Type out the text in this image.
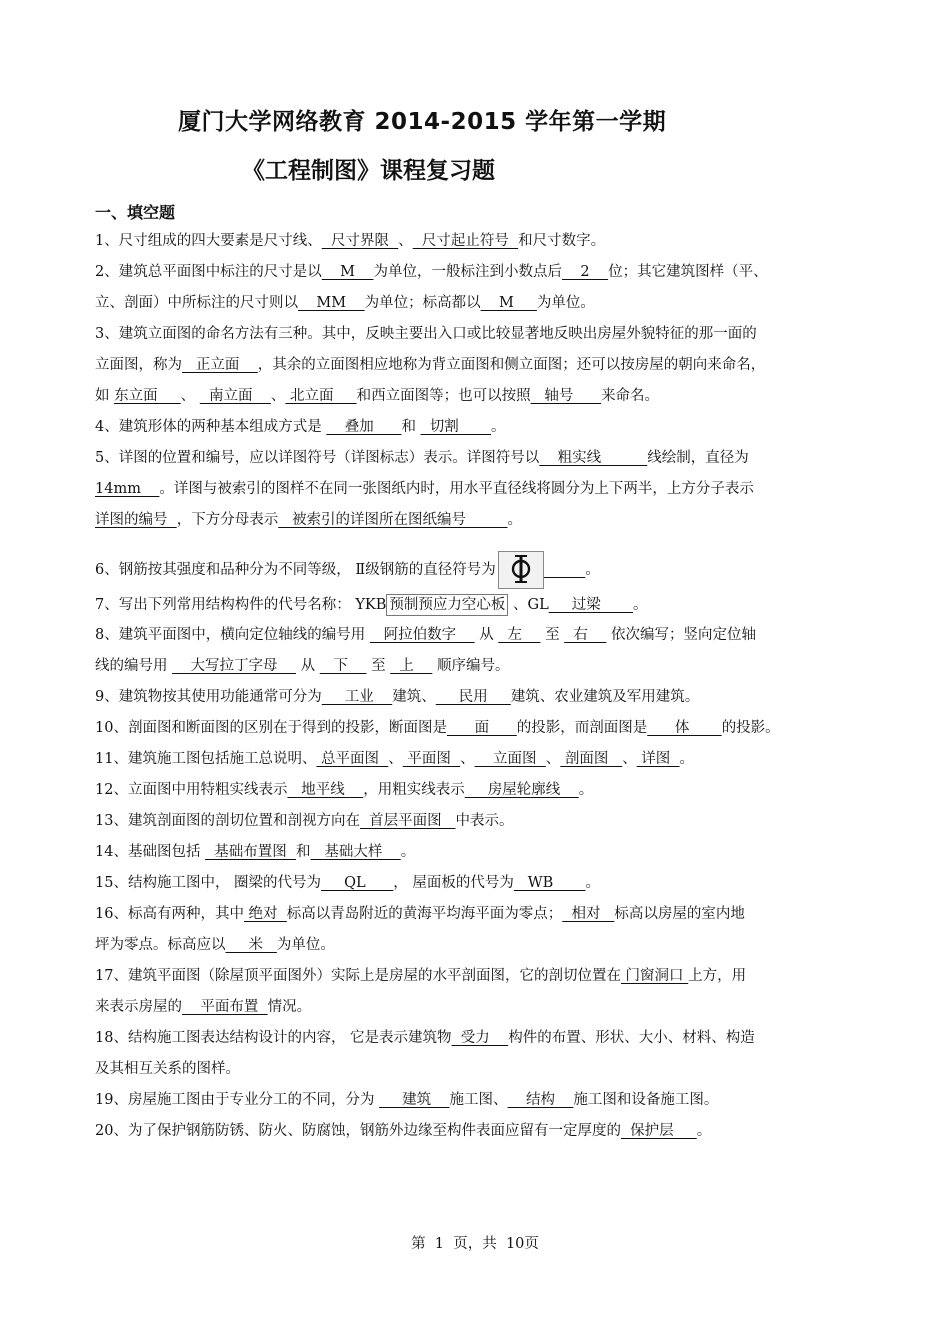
厦门大学网络教育 2014-2015 学年第一学期
《工程制图》课程复习题
一、填空题
1、尺寸组成的四大要素是尺寸线、  尺寸界限  、  尺寸起止符号  和尺寸数字。
2、建筑总平面图中标注的尺寸是以    M    为单位，一般标注到小数点后    2    位；其它建筑图样（平、
立、剖面）中所标注的尺寸则以    MM    为单位；标高都以    M     为单位。
3、建筑立面图的命名方法有三种。其中，反映主要出入口或比较显著地反映出房屋外貌特征的那一面的
立面图，称为   正立面    ，其余的立面图相应地称为背立面图和侧立面图；还可以按房屋的朝向来命名，
如 东立面     、   南立面    、 北立面     和西立面图等；也可以按照   轴号      来命名。
4、建筑形体的两种基本组成方式是     叠加      和   切割       。
5、详图的位置和编号，应以详图符号（详图标志）表示。详图符号以    粗实线          线绘制，直径为
14mm    。详图与被索引的图样不在同一张图纸内时，用水平直径线将圆分为上下两半，上方分子表示
详图的编号  ，下方分母表示   被索引的详图所在图纸编号         。
6、钢筋按其强度和品种分为不同等级， Ⅱ级钢筋的直径符号为	。
7、写出下列常用结构构件的代号名称： YKB 预制预应力空心板 、GL     过梁       。
8、建筑平面图中，横向定位轴线的编号用    阿拉伯数字     从   左     至   右     依次编写；竖向定位轴
线的编号用     大写拉丁字母     从    下     至   上     顺序编号。
9、建筑物按其使用功能通常可分为     工业    建筑、     民用     建筑、农业建筑及军用建筑。
10、剖面图和断面图的区别在于得到的投影，断面图是      面      的投影，而剖面图是      体       的投影。
11、建筑施工图包括施工总说明、 总平面图  、 平面图  、    立面图  、 剖面图   、 详图  。
12、立面图中用特粗实线表示   地平线    ，用粗实线表示     房屋轮廓线    。
13、建筑剖面图的剖切位置和剖视方向在  首层平面图   中表示。
14、基础图包括   基础布置图  和   基础大样    。
15、结构施工图中， 圈梁的代号为     QL      ， 屋面板的代号为   WB       。
16、标高有两种，其中 绝对  标高以青岛附近的黄海平均海平面为零点；  相对   标高以房屋的室内地
坪为零点。标高应以     米   为单位。
17、建筑平面图（除屋顶平面图外）实际上是房屋的水平剖面图，它的剖切位置在 门窗洞口 上方，用
来表示房屋的    平面布置  情况。
18、结构施工图表达结构设计的内容， 它是表示建筑物  受力    构件的布置、形状、大小、材料、构造
及其相互关系的图样。
19、房屋施工图由于专业分工的不同，分为      建筑    施工图、    结构    施工图和设备施工图。
20、为了保护钢筋防锈、防火、防腐蚀，钢筋外边缘至构件表面应留有一定厚度的  保护层     。
第  1  页，共  10页
